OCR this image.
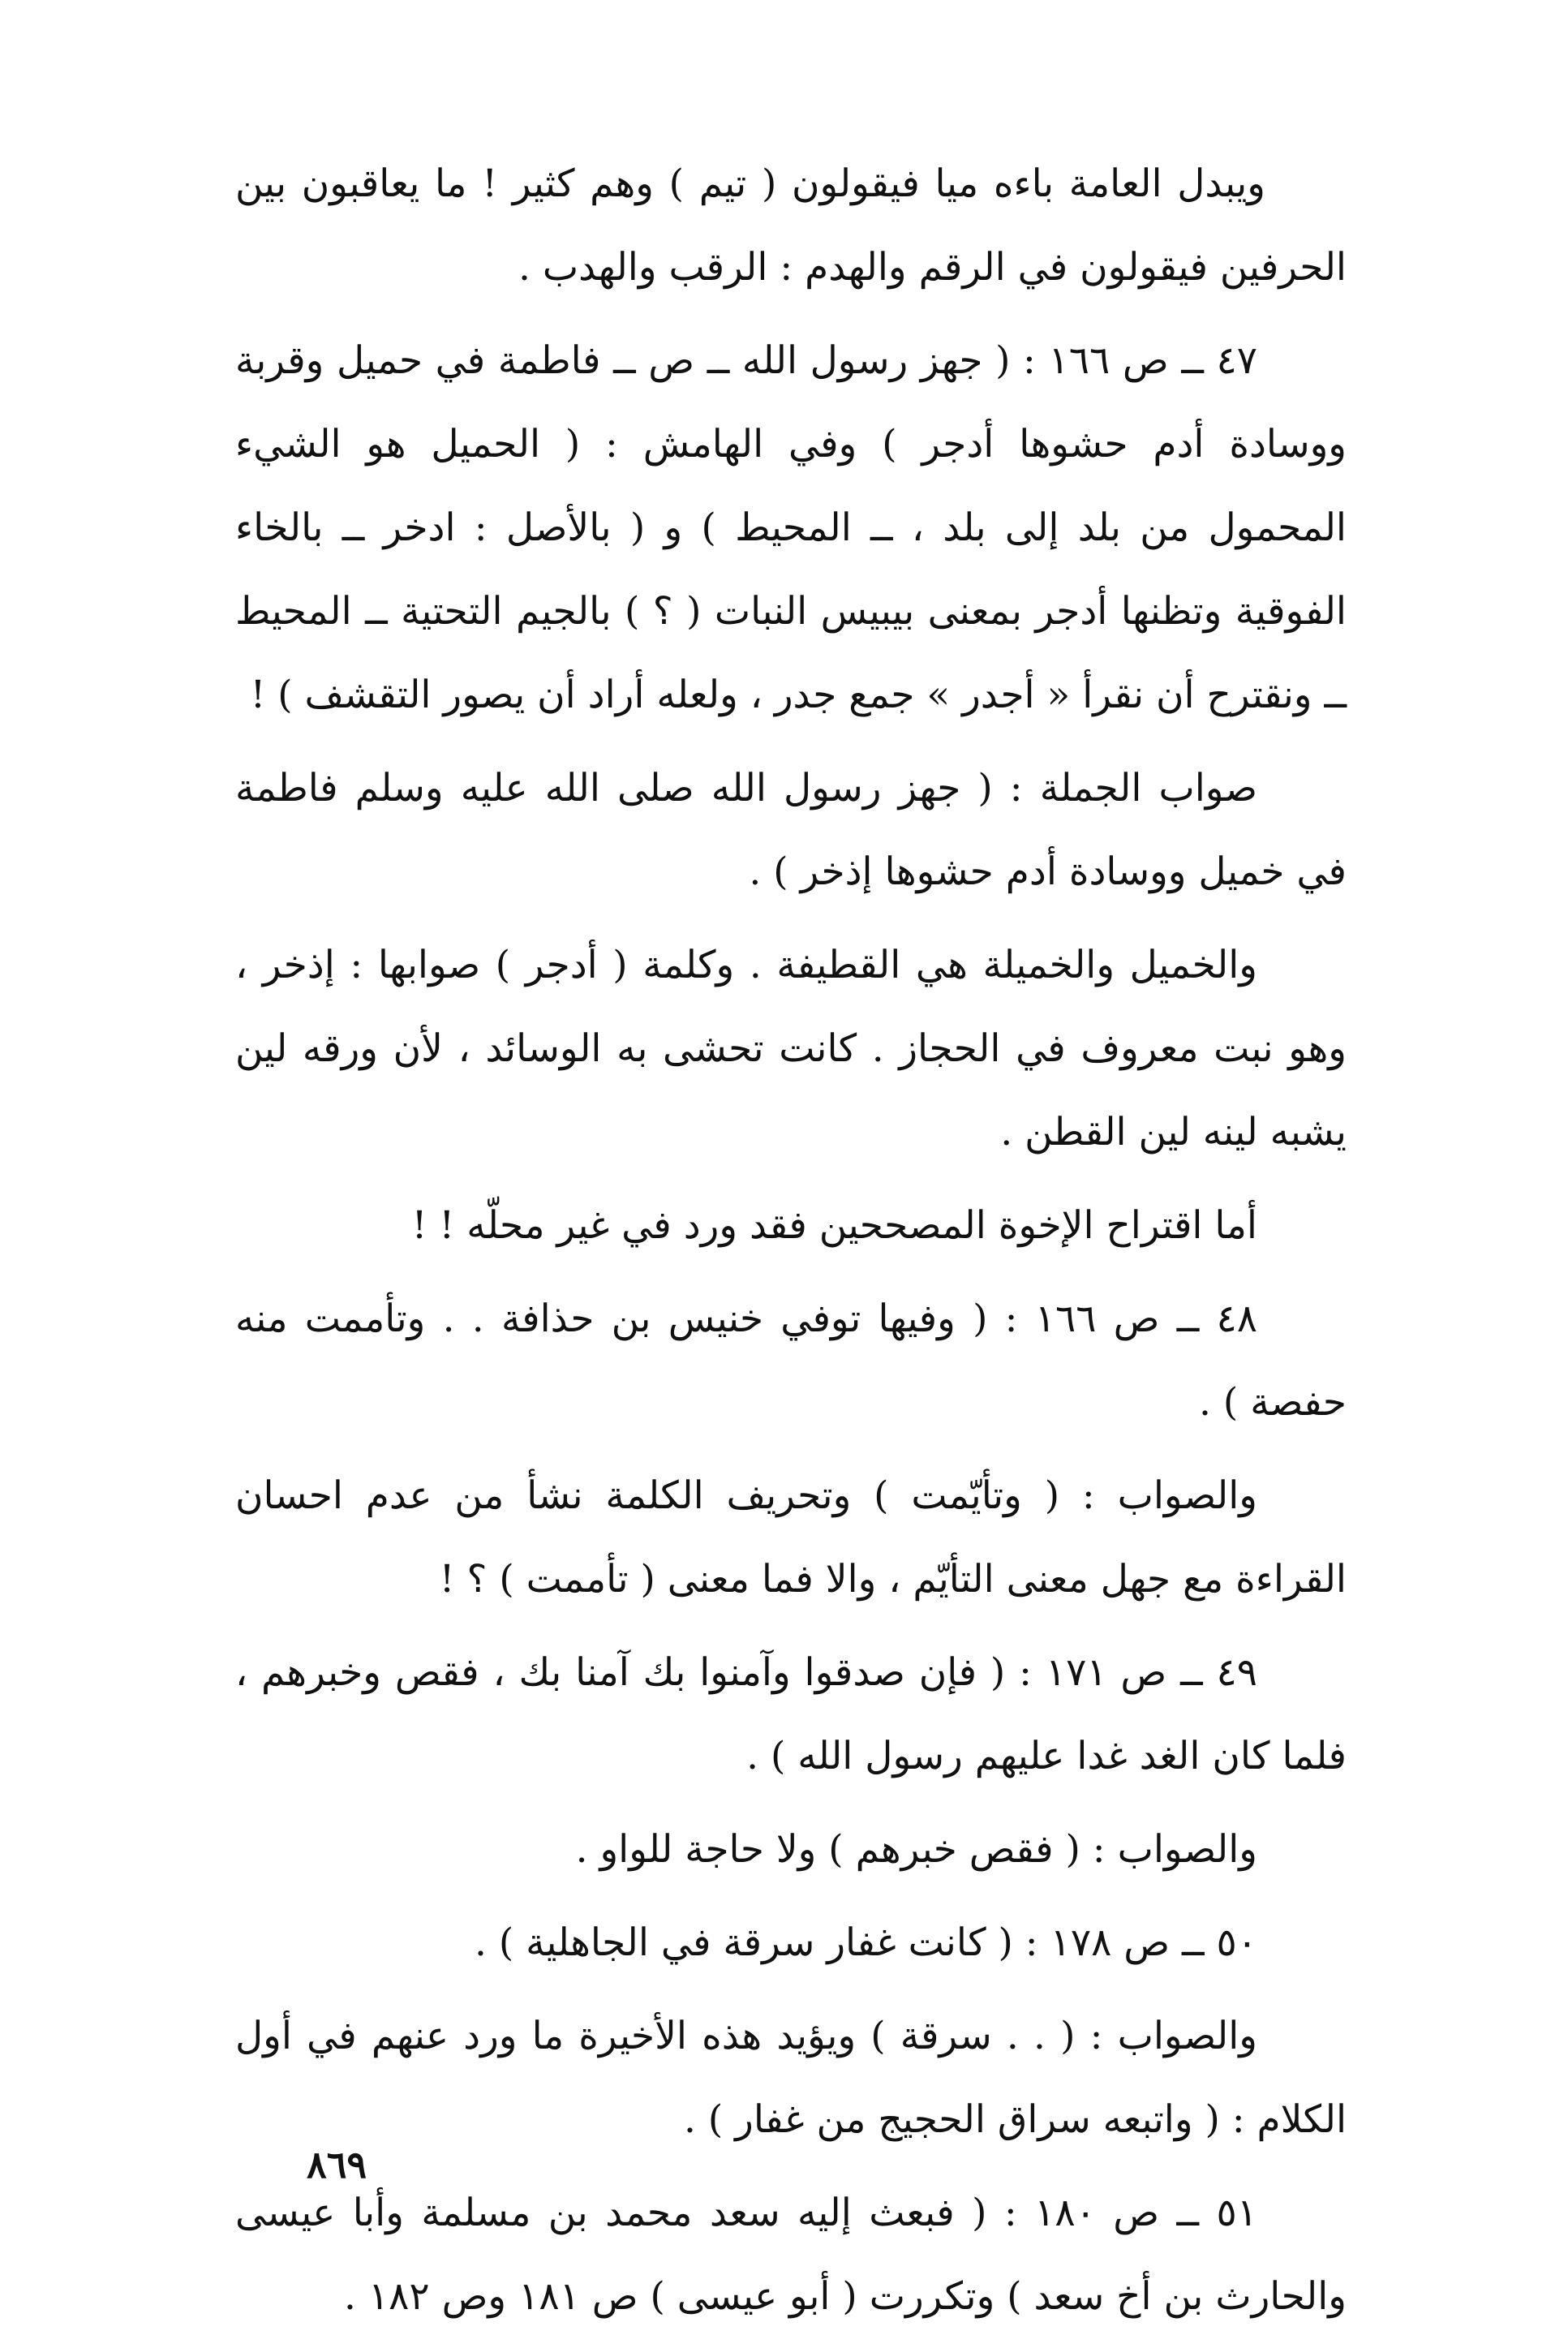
ويبدل العامة باءه ميا فيقولون ( تيم ) وهم كثير ! ما يعاقبون بين الحرفين فيقولون في الرقم والهدم : الرقب والهدب .

٤٧ ــ ص ١٦٦ : ( جهز رسول الله ــ ص ــ فاطمة في حميل وقربة ووسادة أدم حشوها أدجر ) وفي الهامش : ( الحميل هو الشيء المحمول من بلد إلى بلد ، ــ المحيط ) و ( بالأصل : ادخر ــ بالخاء الفوقية وتظنها أدجر بمعنى بيبيس النبات ( ؟ ) بالجيم التحتية ــ المحيط ــ ونقترح أن نقرأ « أجدر » جمع جدر ، ولعله أراد أن يصور التقشف ) !

صواب الجملة : ( جهز رسول الله صلى الله عليه وسلم فاطمة في خميل ووسادة أدم حشوها إذخر ) .

والخميل والخميلة هي القطيفة . وكلمة ( أدجر ) صوابها : إذخر ، وهو نبت معروف في الحجاز . كانت تحشى به الوسائد ، لأن ورقه لين يشبه لينه لين القطن .

أما اقتراح الإخوة المصححين فقد ورد في غير محلّه ! !

٤٨ ــ ص ١٦٦ : ( وفيها توفي خنيس بن حذافة . . وتأممت منه حفصة ) .

والصواب : ( وتأيّمت ) وتحريف الكلمة نشأ من عدم احسان القراءة مع جهل معنى التأيّم ، والا فما معنى ( تأممت ) ؟ !

٤٩ ــ ص ١٧١ : ( فإن صدقوا وآمنوا بك آمنا بك ، فقص وخبرهم ، فلما كان الغد غدا عليهم رسول الله ) .

والصواب : ( فقص خبرهم ) ولا حاجة للواو .

٥٠ ــ ص ١٧٨ : ( كانت غفار سرقة في الجاهلية ) .

والصواب : ( . . سرقة ) ويؤيد هذه الأخيرة ما ورد عنهم في أول الكلام : ( واتبعه سراق الحجيج من غفار ) .

٥١ ــ ص ١٨٠ : ( فبعث إليه سعد محمد بن مسلمة وأبا عيسى والحارث بن أخ سعد ) وتكررت ( أبو عيسى ) ص ١٨١ وص ١٨٢ .

٨٦٩
